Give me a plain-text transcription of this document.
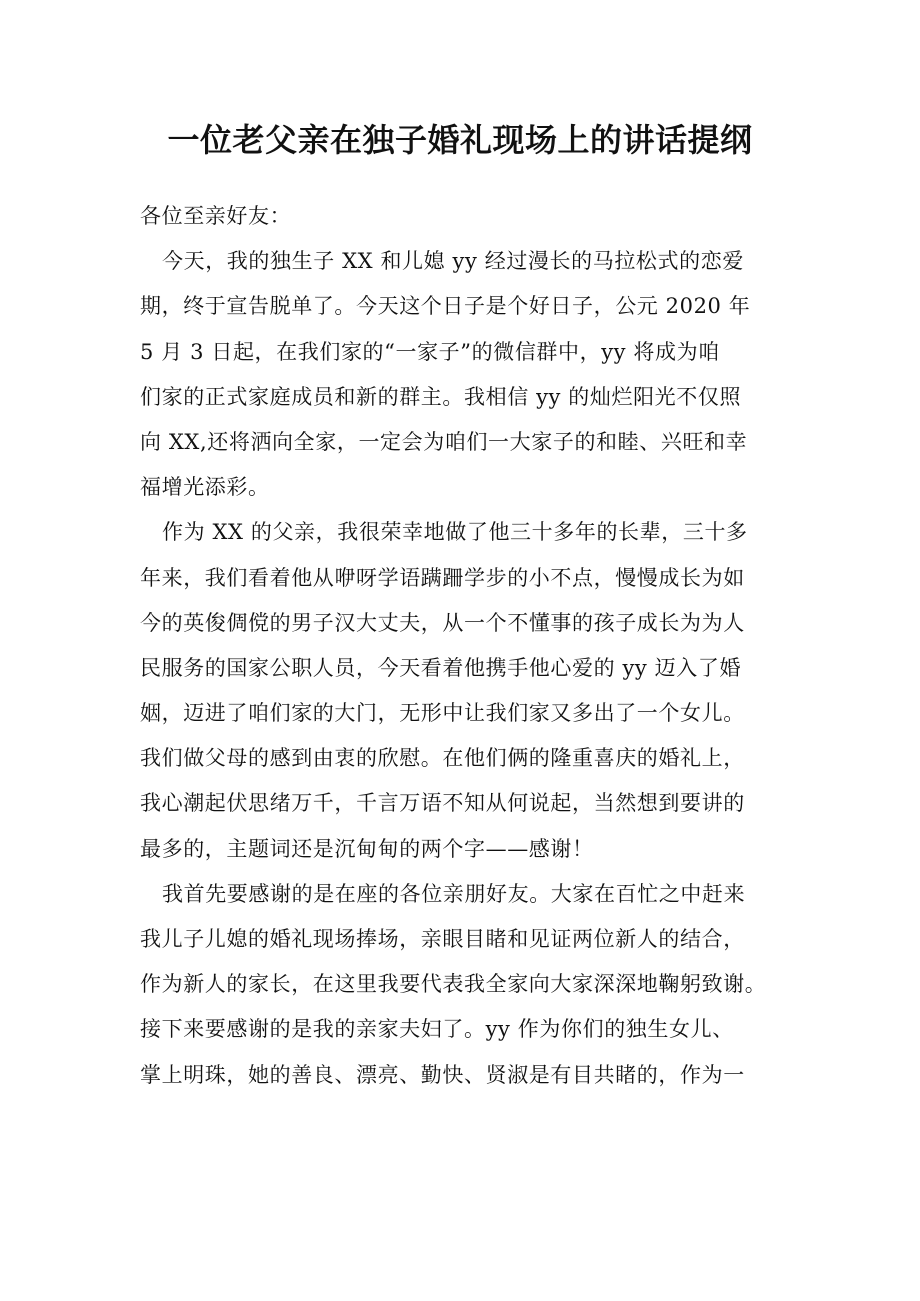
一位老父亲在独子婚礼现场上的讲话提纲
各位至亲好友：
今天，我的独生子 XX 和儿媳 yy 经过漫长的马拉松式的恋爱
期，终于宣告脱单了。今天这个日子是个好日子，公元 2020 年
5 月 3 日起，在我们家的“一家子”的微信群中，yy 将成为咱
们家的正式家庭成员和新的群主。我相信 yy 的灿烂阳光不仅照
向 XX,还将洒向全家，一定会为咱们一大家子的和睦、兴旺和幸
福增光添彩。
作为 XX 的父亲，我很荣幸地做了他三十多年的长辈，三十多
年来，我们看着他从咿呀学语蹒跚学步的小不点，慢慢成长为如
今的英俊倜傥的男子汉大丈夫，从一个不懂事的孩子成长为为人
民服务的国家公职人员，今天看着他携手他心爱的 yy 迈入了婚
姻，迈进了咱们家的大门，无形中让我们家又多出了一个女儿。
我们做父母的感到由衷的欣慰。在他们俩的隆重喜庆的婚礼上，
我心潮起伏思绪万千，千言万语不知从何说起，当然想到要讲的
最多的，主题词还是沉甸甸的两个字——感谢！
我首先要感谢的是在座的各位亲朋好友。大家在百忙之中赶来
我儿子儿媳的婚礼现场捧场，亲眼目睹和见证两位新人的结合，
作为新人的家长，在这里我要代表我全家向大家深深地鞠躬致谢。
接下来要感谢的是我的亲家夫妇了。yy 作为你们的独生女儿、
掌上明珠，她的善良、漂亮、勤快、贤淑是有目共睹的，作为一
